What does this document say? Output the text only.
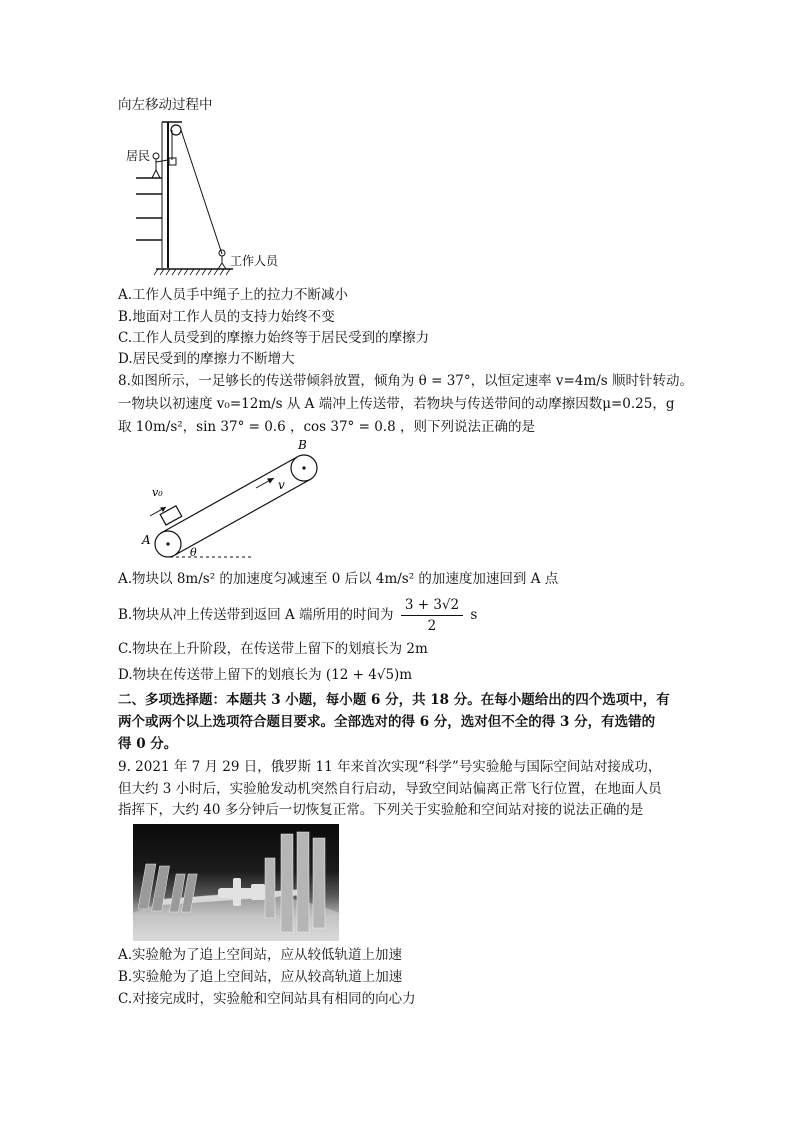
向左移动过程中
居民
工作人员
A.工作人员手中绳子上的拉力不断减小
B.地面对工作人员的支持力始终不变
C.工作人员受到的摩擦力始终等于居民受到的摩擦力
D.居民受到的摩擦力不断增大
8.如图所示，一足够长的传送带倾斜放置，倾角为 θ = 37°，以恒定速率 v=4m/s 顺时针转动。
一物块以初速度 v₀=12m/s 从 A 端冲上传送带，若物块与传送带间的动摩擦因数μ=0.25，g
取 10m/s²，sin 37° = 0.6 ，cos 37° = 0.8 ，则下列说法正确的是
A
B
v₀
v
θ
A.物块以 8m/s² 的加速度匀减速至 0 后以 4m/s² 的加速度加速回到 A 点
B.物块从冲上传送带到返回 A 端所用的时间为 $\frac{3 + 3√2}{2}$ s
C.物块在上升阶段，在传送带上留下的划痕长为 2m
D.物块在传送带上留下的划痕长为 (12 + 4√5)m
二、多项选择题：本题共 3 小题，每小题 6 分，共 18 分。在每小题给出的四个选项中，有
两个或两个以上选项符合题目要求。全部选对的得 6 分，选对但不全的得 3 分，有选错的
得 0 分。
9. 2021 年 7 月 29 日，俄罗斯 11 年来首次实现“科学”号实验舱与国际空间站对接成功，
但大约 3 小时后，实验舱发动机突然自行启动，导致空间站偏离正常飞行位置，在地面人员
指挥下，大约 40 多分钟后一切恢复正常。下列关于实验舱和空间站对接的说法正确的是
A.实验舱为了追上空间站，应从较低轨道上加速
B.实验舱为了追上空间站，应从较高轨道上加速
C.对接完成时，实验舱和空间站具有相同的向心力
